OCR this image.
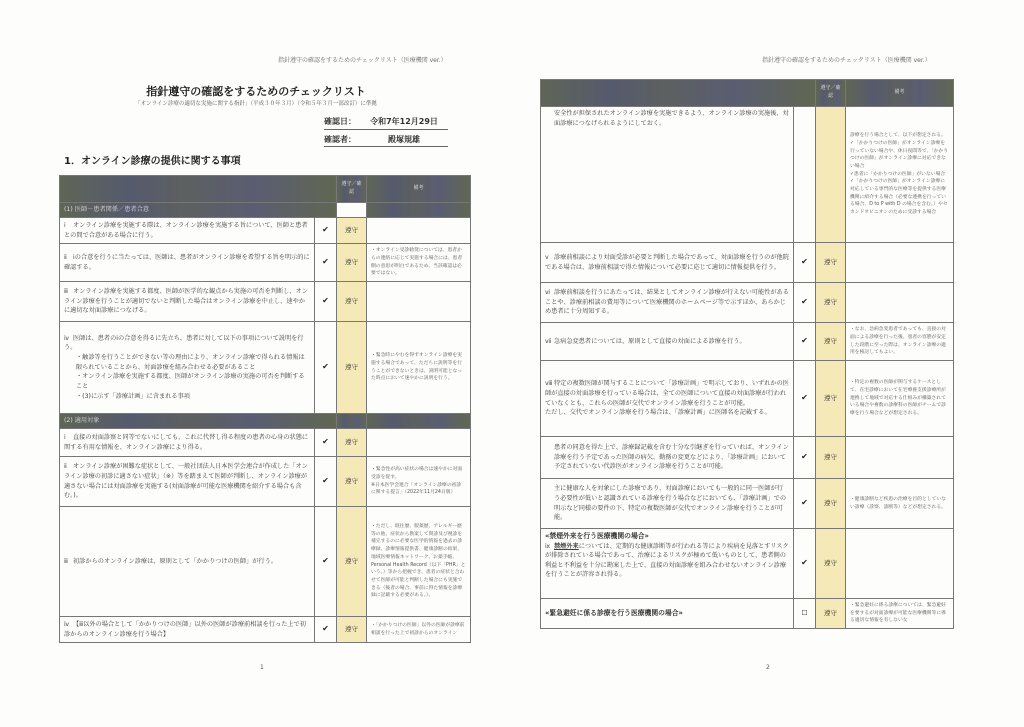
指針遵守の確認をするためのチェックリスト（医療機関 ver.）
指針遵守の確認をするためのチェックリスト
「オンライン診療の適切な実施に関する指針」（平成３０年３月）（令和５年３月一部改訂）に準拠
確認日： 令和7年12月29日
確認者：	殿塚規雄
1．オンライン診療の提供に関する事項
		遵守／確認	備考
(1) 医師－患者関係／患者合意			
ⅰ オンライン診療を実施する際は、オンライン診療を実施する旨について、医師と患者との間で合意がある場合に行う。	✔	遵守	
ⅱ ⅰの合意を行うに当たっては、医師は、患者がオンライン診療を希望する旨を明示的に確認する。	✔	遵守	・オンライン受診勧奨については、患者からの連絡に応じて実施する場合には、患者側の意思が明白であるため、当該確認は必要ではない。
ⅲ オンライン診療を実施する都度、医師が医学的な観点から実施の可否を判断し、オンライン診療を行うことが適切でないと判断した場合はオンライン診療を中止し、速やかに適切な対面診療につなげる。	✔	遵守	
ⅳ 医師は、患者のⅰの合意を得るに先立ち、患者に対して以下の事項について説明を行う。
・触診等を行うことができない等の理由により、オンライン診療で得られる情報は限られていることから、対面診療を組み合わせる必要があること
・オンライン診療を実施する都度、医師がオンライン診療の実施の可否を判断すること
・(3)に示す「診療計画」に含まれる事項	✔	遵守	・緊急時にやむを得ずオンライン診療を実施する場合であって、ただちに説明等を行うことができないときは、説明可能となった時点において速やかに説明を行う。
(2) 適用対象			
ⅰ 直接の対面診察と同等でないにしても、これに代替し得る程度の患者の心身の状態に関する有用な情報を、オンライン診療により得る。	✔	遵守	
ⅱ オンライン診療が困難な症状として、一般社団法人日本医学会連合が作成した「オンライン診療の初診に適さない症状」（※）等を踏まえて医師が判断し、オンライン診療が適さない場合には対面診療を実施する(対面診療が可能な医療機関を紹介する場合も含む。)。	✔	遵守	・緊急性が高い症状の場合は速やかに対面受診を促す。
※日本医学会連合「オンライン診療の初診に関する提言」（2022年11月24日版）
ⅲ 初診からのオンライン診療は、原則として「かかりつけの医師」が行う。	✔	遵守	・ただし、既往歴、服薬歴、アレルギー歴等の他、症状から勘案して問診及び視診を補完するのに必要な医学的情報を過去の診療録、診療情報提供書、健康診断の結果、地域医療情報ネットワーク、お薬手帳、Personal Health Record（以下「PHR」という。）等から把握でき、患者の症状と合わせて医師が可能と判断した場合にも実施できる（後者の場合、事前に得た情報を診療録に記載する必要がある。）。
ⅳ 【ⅲ以外の場合として「かかりつけの医師」以外の医師が診療前相談を行った上で初診からのオンライン診療を行う場合】	✔	遵守	・「かかりつけの医師」以外の医師が診療前相談を行った上で初診からのオンライン
1
指針遵守の確認をするためのチェックリスト（医療機関 ver.）
		遵守／確認	備考

安全性が担保されたオンライン診療を実施できるよう、オンライン診療の実施後、対面診療につなげられるようにしておく。			診療を行う場合として、以下が想定される。
✓「かかりつけの医師」がオンライン診療を行っていない場合や、休日夜間等で、「かかりつけの医師」がオンライン診療に対応できない場合
✓患者に「かかりつけの医師」がいない場合
✓「かかりつけの医師」がオンライン診療に対応している専門的な医療等を提供する医療機関に紹介する場合（必要な連携を行っている場合、D to P with D の場合を含む。）やセカンドオピニオンのために受診する場合
ⅴ 診療前相談により対面受診が必要と判断した場合であって、対面診療を行うのが他院である場合は、診療前相談で得た情報について必要に応じて適切に情報提供を行う。	✔	遵守	
ⅵ 診療前相談を行うにあたっては、結果としてオンライン診療が行えない可能性があることや、診療前相談の費用等について医療機関のホームページ等で示すほか、あらかじめ患者に十分周知する。	✔	遵守	
ⅶ 急病急変患者については、原則として直接の対面による診療を行う。	✔	遵守	・なお、急病急変患者であっても、直接の対面による診療を行った後、患者の容態が安定した段階に至った際は、オンライン診療の適用を検討してもよい。
ⅷ 特定の複数医師が関与することについて「診療計画」で明示しており、いずれかの医師が直接の対面診療を行っている場合は、全ての医師について直接の対面診療が行われていなくとも、これらの医師が交代でオンライン診療を行うことが可能。
ただし、交代でオンライン診療を行う場合は、「診療計画」に医師名を記載する。	✔	遵守	・特定の複数の医師が関与するケースとして、在宅診療において在宅療養支援診療所が連携して地域で対応する仕組みが構築されている場合や複数の診療科の医師がチームで診療を行う場合などが想定される。

患者の同意を得た上で、診療録記載を含む十分な引継ぎを行っていれば、オンライン診療を行う予定であった医師の病欠、勤務の変更などにより、「診療計画」において予定されていない代診医がオンライン診療を行うことが可能。	✔	遵守	

主に健康な人を対象にした診療であり、対面診療においても一般的に同一医師が行う必要性が低いと認識されている診療を行う場合などにおいても、「診療計画」での明示など同様の要件の下、特定の複数医師が交代でオンライン診療を行うことが可能。	✔	遵守	・健康診断など疾患の治療を目的としていない診療（診察、診断等）などが想定される。
«禁煙外来を行う医療機関の場合»
ⅸ 禁煙外来については、定期的な健康診断等が行われる等により疾病を見落とすリスクが排除されている場合であって、治療によるリスクが極めて低いものとして、患者側の利益と不利益を十分に勘案した上で、直接の対面診療を組み合わせないオンライン診療を行うことが許容され得る。	✔	遵守	
«緊急避妊に係る診療を行う医療機関の場合»	☐	遵守	・緊急避妊に係る診療については、緊急避妊を要するが対面診療が可能な医療機関等に係る適切な情報を有しない女
2
